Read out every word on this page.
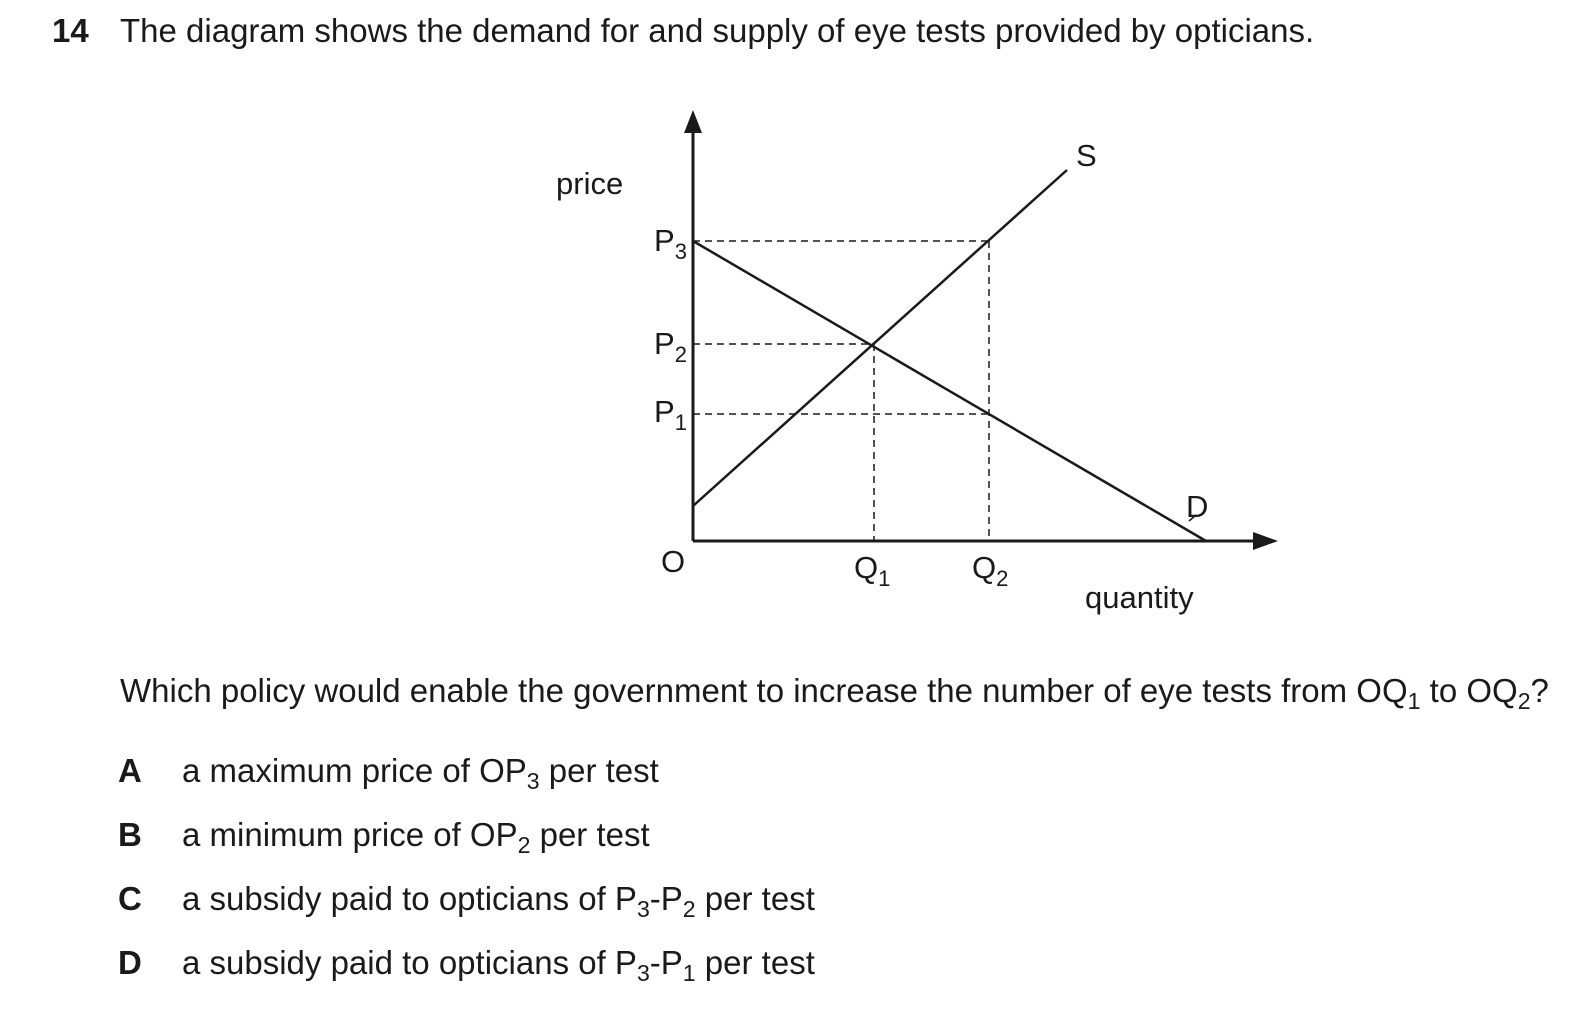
14 The diagram shows the demand for and supply of eye tests provided by opticians.
price
quantity
O
$P_3$
$P_2$
$P_1$
$Q_1$	$Q_2$
S
D
Which policy would enable the government to increase the number of eye tests from $OQ_1$ to $OQ_2$?
A a maximum price of $OP_3$ per test
B a minimum price of $OP_2$ per test
C a subsidy paid to opticians of $P_3-P_2$ per test
D a subsidy paid to opticians of $P_3-P_1$ per test
